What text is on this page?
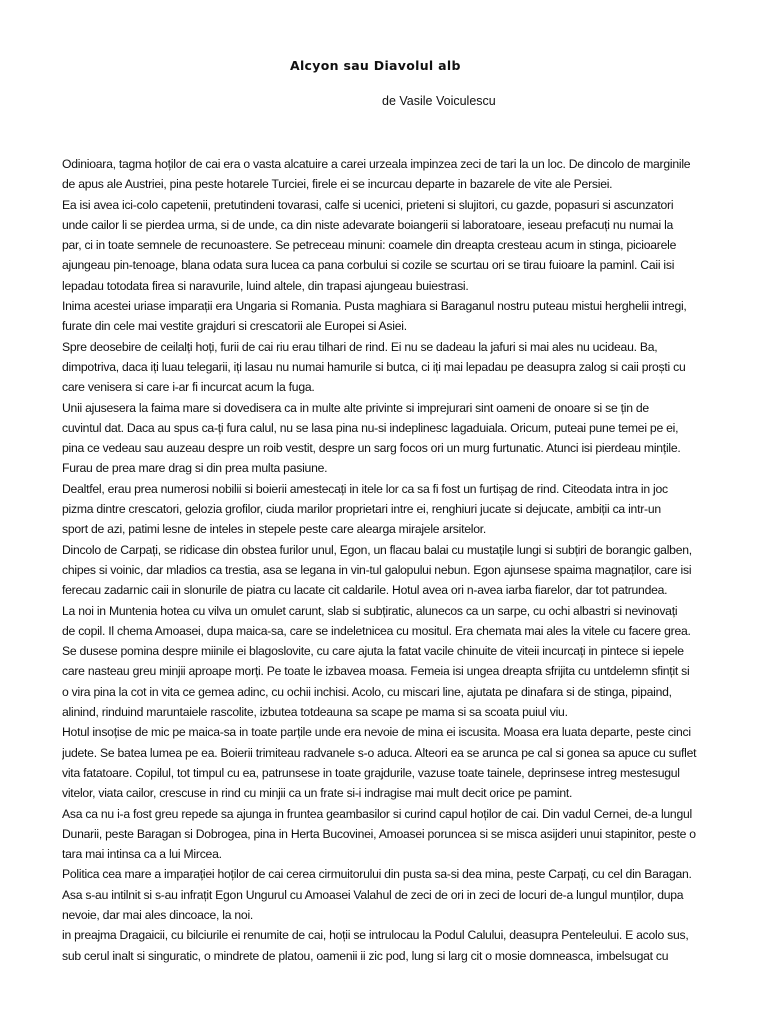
Alcyon sau Diavolul alb
de Vasile Voiculescu
Odinioara, tagma hoților de cai era o vasta alcatuire a carei urzeala impinzea zeci de tari la un loc. De dincolo de marginile
de apus ale Austriei, pina peste hotarele Turciei, firele ei se incurcau departe in bazarele de vite ale Persiei.
Ea isi avea ici-colo capetenii, pretutindeni tovarasi, calfe si ucenici, prieteni si slujitori, cu gazde, popasuri si ascunzatori
unde cailor li se pierdea urma, si de unde, ca din niste adevarate boiangerii si laboratoare, ieseau prefacuți nu numai la
par, ci in toate semnele de recunoastere. Se petreceau minuni: coamele din dreapta cresteau acum in stinga, picioarele
ajungeau pin-tenoage, blana odata sura lucea ca pana corbului si cozile se scurtau ori se tirau fuioare la paminl. Caii isi
lepadau totodata firea si naravurile, luind altele, din trapasi ajungeau buiestrasi.
Inima acestei uriase imparații era Ungaria si Romania. Pusta maghiara si Baraganul nostru puteau mistui herghelii intregi,
furate din cele mai vestite grajduri si crescatorii ale Europei si Asiei.
Spre deosebire de ceilalți hoți, furii de cai riu erau tilhari de rind. Ei nu se dadeau la jafuri si mai ales nu ucideau. Ba,
dimpotriva, daca iți luau telegarii, iți lasau nu numai hamurile si butca, ci iți mai lepadau pe deasupra zalog si caii proști cu
care venisera si care i-ar fi incurcat acum la fuga.
Unii ajusesera la faima mare si dovedisera ca in multe alte privinte si imprejurari sint oameni de onoare si se țin de
cuvintul dat. Daca au spus ca-ți fura calul, nu se lasa pina nu-si indeplinesc lagaduiala. Oricum, puteai pune temei pe ei,
pina ce vedeau sau auzeau despre un roib vestit, despre un sarg focos ori un murg furtunatic. Atunci isi pierdeau mințile.
Furau de prea mare drag si din prea multa pasiune.
Dealtfel, erau prea numerosi nobilii si boierii amestecați in itele lor ca sa fi fost un furtișag de rind. Citeodata intra in joc
pizma dintre crescatori, gelozia grofilor, ciuda marilor proprietari intre ei, renghiuri jucate si dejucate, ambiții ca intr-un
sport de azi, patimi lesne de inteles in stepele peste care alearga mirajele arsitelor.
Dincolo de Carpați, se ridicase din obstea furilor unul, Egon, un flacau balai cu mustațile lungi si subțiri de borangic galben,
chipes si voinic, dar mladios ca trestia, asa se legana in vin-tul galopului nebun. Egon ajunsese spaima magnaților, care isi
ferecau zadarnic caii in slonurile de piatra cu lacate cit caldarile. Hotul avea ori n-avea iarba fiarelor, dar tot patrundea.
La noi in Muntenia hotea cu vilva un omulet carunt, slab si subțiratic, alunecos ca un sarpe, cu ochi albastri si nevinovați
de copil. Il chema Amoasei, dupa maica-sa, care se indeletnicea cu mositul. Era chemata mai ales la vitele cu facere grea.
Se dusese pomina despre miinile ei blagoslovite, cu care ajuta la fatat vacile chinuite de viteii incurcați in pintece si iepele
care nasteau greu minjii aproape morți. Pe toate le izbavea moasa. Femeia isi ungea dreapta sfrijita cu untdelemn sfințit si
o vira pina la cot in vita ce gemea adinc, cu ochii inchisi. Acolo, cu miscari line, ajutata pe dinafara si de stinga, pipaind,
alinind, rinduind maruntaiele rascolite, izbutea totdeauna sa scape pe mama si sa scoata puiul viu.
Hotul insoțise de mic pe maica-sa in toate parțile unde era nevoie de mina ei iscusita. Moasa era luata departe, peste cinci
judete. Se batea lumea pe ea. Boierii trimiteau radvanele s-o aduca. Alteori ea se arunca pe cal si gonea sa apuce cu suflet
vita fatatoare. Copilul, tot timpul cu ea, patrunsese in toate grajdurile, vazuse toate tainele, deprinsese intreg mestesugul
vitelor, viata cailor, crescuse in rind cu minjii ca un frate si-i indragise mai mult decit orice pe pamint.
Asa ca nu i-a fost greu repede sa ajunga in fruntea geambasilor si curind capul hoților de cai. Din vadul Cernei, de-a lungul
Dunarii, peste Baragan si Dobrogea, pina in Herta Bucovinei, Amoasei poruncea si se misca asijderi unui stapinitor, peste o
tara mai intinsa ca a lui Mircea.
Politica cea mare a imparației hoților de cai cerea cirmuitorului din pusta sa-si dea mina, peste Carpați, cu cel din Baragan.
Asa s-au intilnit si s-au infrațit Egon Ungurul cu Amoasei Valahul de zeci de ori in zeci de locuri de-a lungul munților, dupa
nevoie, dar mai ales dincoace, la noi.
in preajma Dragaicii, cu bilciurile ei renumite de cai, hoții se intrulocau la Podul Calului, deasupra Penteleului. E acolo sus,
sub cerul inalt si singuratic, o mindrete de platou, oamenii ii zic pod, lung si larg cit o mosie domneasca, imbelsugat cu
